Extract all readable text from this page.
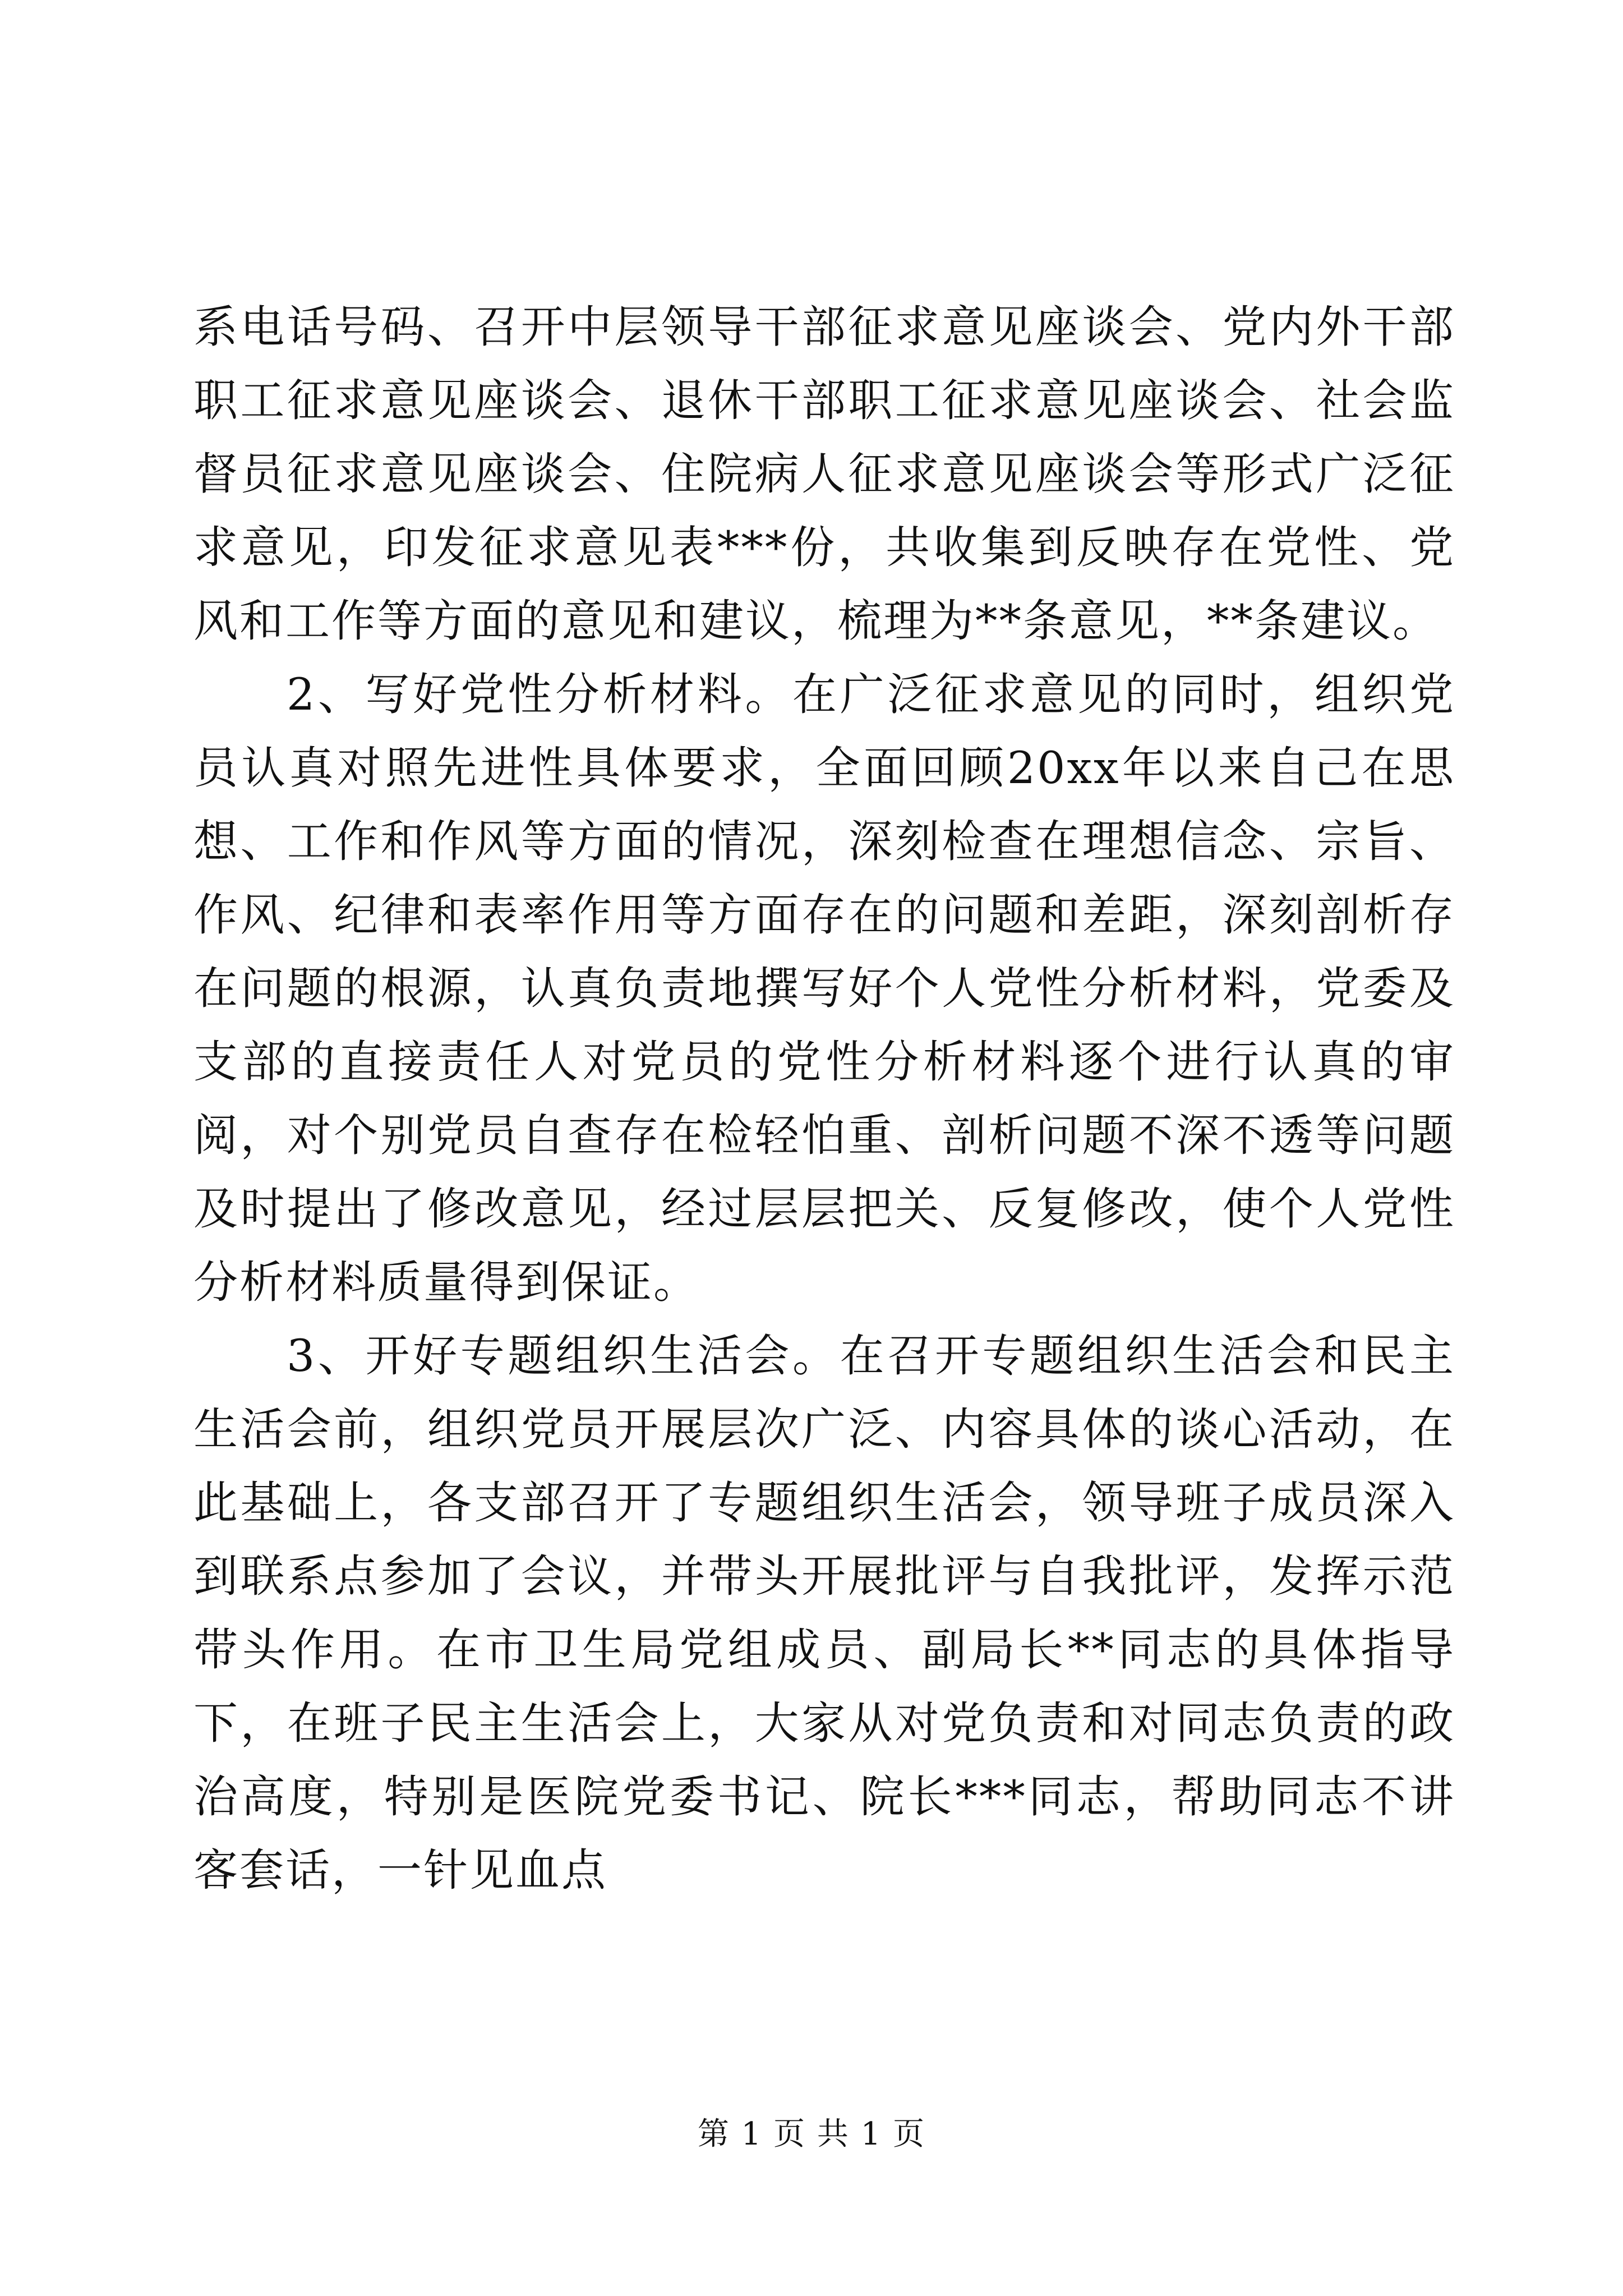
系电话号码、召开中层领导干部征求意见座谈会、党内外干部职工征求意见座谈会、退休干部职工征求意见座谈会、社会监督员征求意见座谈会、住院病人征求意见座谈会等形式广泛征求意见，印发征求意见表***份，共收集到反映存在党性、党风和工作等方面的意见和建议，梳理为**条意见，**条建议。

2、写好党性分析材料。在广泛征求意见的同时，组织党员认真对照先进性具体要求，全面回顾20xx年以来自己在思想、工作和作风等方面的情况，深刻检查在理想信念、宗旨、作风、纪律和表率作用等方面存在的问题和差距，深刻剖析存在问题的根源，认真负责地撰写好个人党性分析材料，党委及支部的直接责任人对党员的党性分析材料逐个进行认真的审阅，对个别党员自查存在检轻怕重、剖析问题不深不透等问题及时提出了修改意见，经过层层把关、反复修改，使个人党性分析材料质量得到保证。

3、开好专题组织生活会。在召开专题组织生活会和民主生活会前，组织党员开展层次广泛、内容具体的谈心活动，在此基础上，各支部召开了专题组织生活会，领导班子成员深入到联系点参加了会议，并带头开展批评与自我批评，发挥示范带头作用。在市卫生局党组成员、副局长**同志的具体指导下，在班子民主生活会上，大家从对党负责和对同志负责的政治高度，特别是医院党委书记、院长***同志，帮助同志不讲客套话，一针见血点

第 1 页 共 1 页
